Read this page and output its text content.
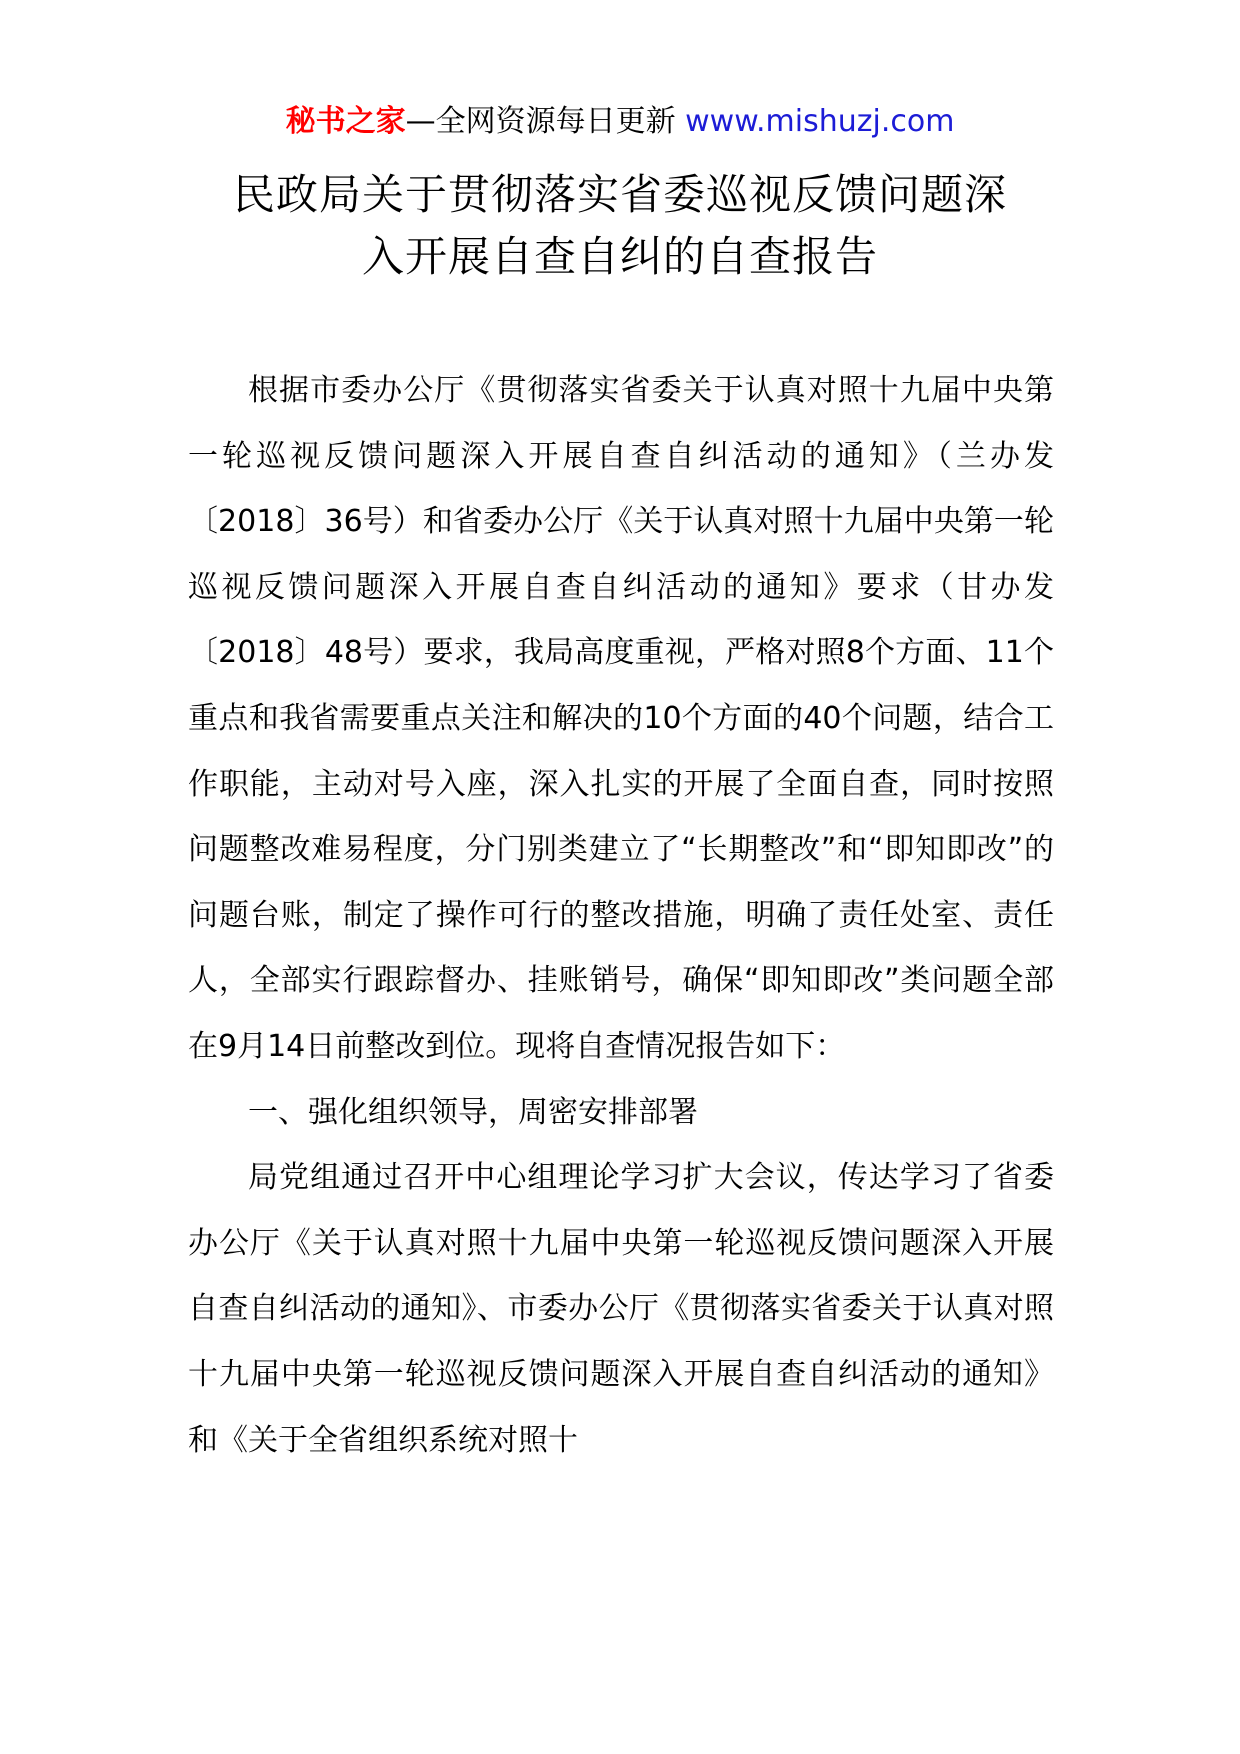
秘书之家—全网资源每日更新 www.mishuzj.com
民政局关于贯彻落实省委巡视反馈问题深
入开展自查自纠的自查报告

根据市委办公厅《贯彻落实省委关于认真对照十九届中央第一轮巡视反馈问题深入开展自查自纠活动的通知》（兰办发〔2018〕36号）和省委办公厅《关于认真对照十九届中央第一轮巡视反馈问题深入开展自查自纠活动的通知》要求（甘办发〔2018〕48号）要求，我局高度重视，严格对照8个方面、11个重点和我省需要重点关注和解决的10个方面的40个问题，结合工作职能，主动对号入座，深入扎实的开展了全面自查，同时按照问题整改难易程度，分门别类建立了“长期整改”和“即知即改”的问题台账，制定了操作可行的整改措施，明确了责任处室、责任人，全部实行跟踪督办、挂账销号，确保“即知即改”类问题全部在9月14日前整改到位。现将自查情况报告如下：

一、强化组织领导，周密安排部署

局党组通过召开中心组理论学习扩大会议，传达学习了省委办公厅《关于认真对照十九届中央第一轮巡视反馈问题深入开展自查自纠活动的通知》、市委办公厅《贯彻落实省委关于认真对照十九届中央第一轮巡视反馈问题深入开展自查自纠活动的通知》和《关于全省组织系统对照十
